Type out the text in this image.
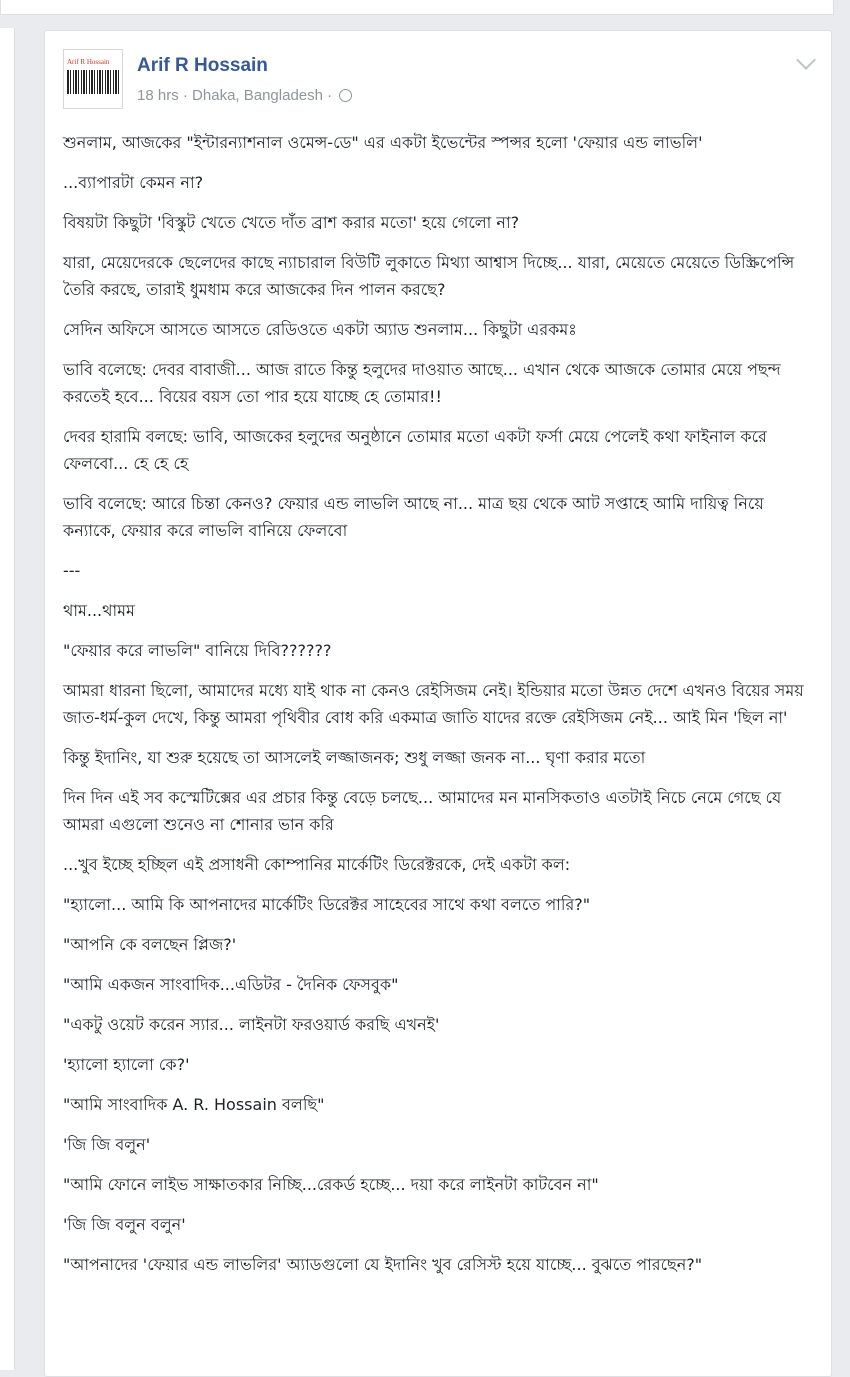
Arif R Hossain Arif R Hossain
18 hrs · Dhaka, Bangladesh ·

শুনলাম, আজকের "ইন্টারন্যাশনাল ওমেন্স-ডে" এর একটা ইভেন্টের স্পন্সর হলো 'ফেয়ার এন্ড লাভলি'

...ব্যাপারটা কেমন না?

বিষয়টা কিছুটা 'বিস্কুট খেতে খেতে দাঁত ব্রাশ করার মতো' হয়ে গেলো না?

যারা, মেয়েদেরকে ছেলেদের কাছে ন্যাচারাল বিউটি লুকাতে মিথ্যা আশ্বাস দিচ্ছে... যারা, মেয়েতে মেয়েতে ডিস্ক্রিপেন্সি তৈরি করছে, তারাই ধুমধাম করে আজকের দিন পালন করছে?

সেদিন অফিসে আসতে আসতে রেডিওতে একটা অ্যাড শুনলাম... কিছুটা এরকমঃ

ভাবি বলেছে: দেবর বাবাজী... আজ রাতে কিন্তু হলুদের দাওয়াত আছে... এখান থেকে আজকে তোমার মেয়ে পছন্দ করতেই হবে... বিয়ের বয়স তো পার হয়ে যাচ্ছে হে তোমার!!

দেবর হারামি বলছে: ভাবি, আজকের হলুদের অনুষ্ঠানে তোমার মতো একটা ফর্সা মেয়ে পেলেই কথা ফাইনাল করে ফেলবো... হে হে হে

ভাবি বলেছে: আরে চিন্তা কেনও? ফেয়ার এন্ড লাভলি আছে না... মাত্র ছয় থেকে আট সপ্তাহে আমি দায়িত্ব নিয়ে কন্যাকে, ফেয়ার করে লাভলি বানিয়ে ফেলবো

---

থাম...থামম

"ফেয়ার করে লাভলি" বানিয়ে দিবি??????

আমরা ধারনা ছিলো, আমাদের মধ্যে যাই থাক না কেনও রেইসিজম নেই। ইন্ডিয়ার মতো উন্নত দেশে এখনও বিয়ের সময় জাত-ধর্ম-কুল দেখে, কিন্তু আমরা পৃথিবীর বোধ করি একমাত্র জাতি যাদের রক্তে রেইসিজম নেই... আই মিন 'ছিল না'

কিন্তু ইদানিং, যা শুরু হয়েছে তা আসলেই লজ্জাজনক; শুধু লজ্জা জনক না... ঘৃণা করার মতো

দিন দিন এই সব কস্মেটিক্সের এর প্রচার কিন্তু বেড়ে চলছে... আমাদের মন মানসিকতাও এতটাই নিচে নেমে গেছে যে আমরা এগুলো শুনেও না শোনার ভান করি

...খুব ইচ্ছে হচ্ছিল এই প্রসাধনী কোম্পানির মার্কেটিং ডিরেক্টরকে, দেই একটা কল:

"হ্যালো... আমি কি আপনাদের মার্কেটিং ডিরেক্টর সাহেবের সাথে কথা বলতে পারি?"

"আপনি কে বলছেন প্লিজ?'

"আমি একজন সাংবাদিক...এডিটর - দৈনিক ফেসবুক"

"একটু ওয়েট করেন স্যার... লাইনটা ফরওয়ার্ড করছি এখনই'

'হ্যালো হ্যালো কে?'

"আমি সাংবাদিক A. R. Hossain বলছি"

'জি জি বলুন'

"আমি ফোনে লাইভ সাক্ষাতকার নিচ্ছি...রেকর্ড হচ্ছে... দয়া করে লাইনটা কাটবেন না"

'জি জি বলুন বলুন'

"আপনাদের 'ফেয়ার এন্ড লাভলির' অ্যাডগুলো যে ইদানিং খুব রেসিস্ট হয়ে যাচ্ছে... বুঝতে পারছেন?"
